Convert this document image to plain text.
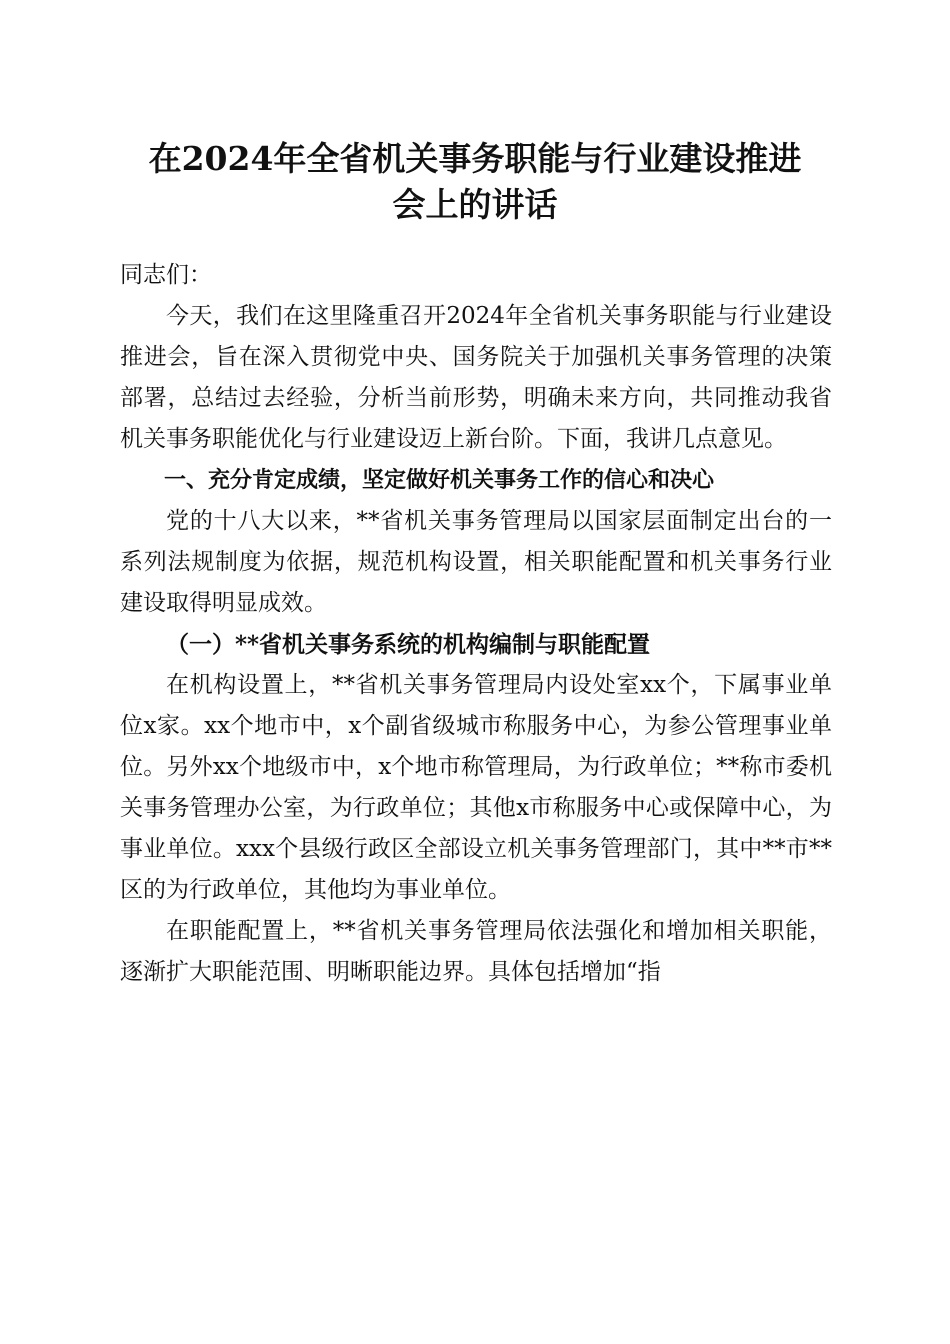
在2024年全省机关事务职能与行业建设推进
会上的讲话

同志们：

今天，我们在这里隆重召开2024年全省机关事务职能与行业建设推进会，旨在深入贯彻党中央、国务院关于加强机关事务管理的决策部署，总结过去经验，分析当前形势，明确未来方向，共同推动我省机关事务职能优化与行业建设迈上新台阶。下面，我讲几点意见。

一、充分肯定成绩，坚定做好机关事务工作的信心和决心

党的十八大以来，**省机关事务管理局以国家层面制定出台的一系列法规制度为依据，规范机构设置，相关职能配置和机关事务行业建设取得明显成效。

（一）**省机关事务系统的机构编制与职能配置

在机构设置上，**省机关事务管理局内设处室xx个，下属事业单位x家。xx个地市中，x个副省级城市称服务中心，为参公管理事业单位。另外xx个地级市中，x个地市称管理局，为行政单位；**称市委机关事务管理办公室，为行政单位；其他x市称服务中心或保障中心，为事业单位。xxx个县级行政区全部设立机关事务管理部门，其中**市**区的为行政单位，其他均为事业单位。

在职能配置上，**省机关事务管理局依法强化和增加相关职能，逐渐扩大职能范围、明晰职能边界。具体包括增加“指
